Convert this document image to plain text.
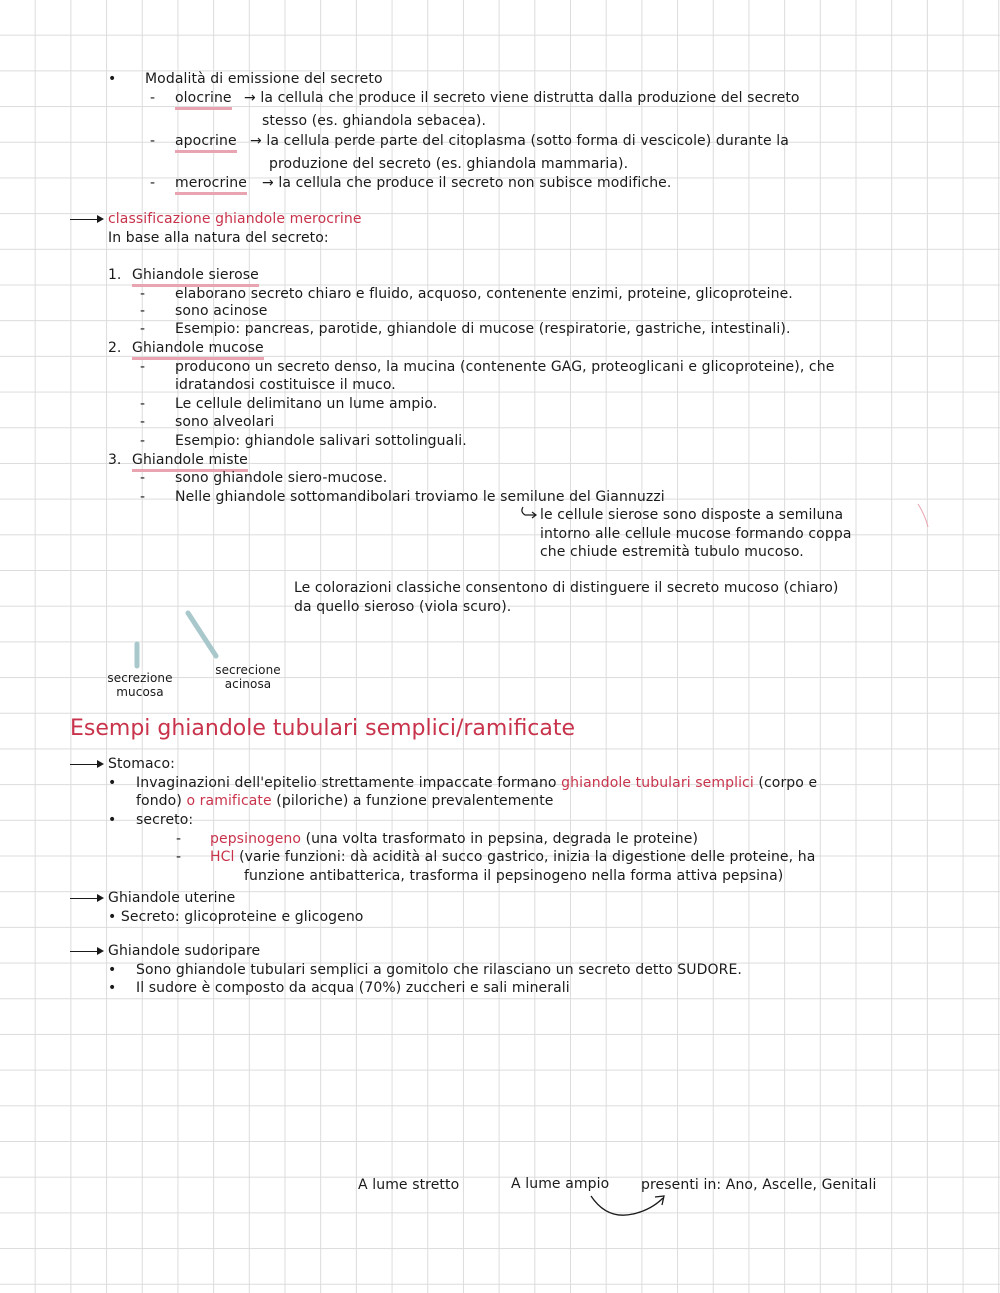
• Modalità di emissione del secreto
- olocrine → la cellula che produce il secreto viene distrutta dalla produzione del secreto
stesso (es. ghiandola sebacea).
- apocrine → la cellula perde parte del citoplasma (sotto forma di vescicole) durante la
produzione del secreto (es. ghiandola mammaria).
- merocrine → la cellula che produce il secreto non subisce modifiche.
classificazione ghiandole merocrine
In base alla natura del secreto:
1. Ghiandole sierose
- elaborano secreto chiaro e fluido, acquoso, contenente enzimi, proteine, glicoproteine.
- sono acinose
- Esempio: pancreas, parotide, ghiandole di mucose (respiratorie, gastriche, intestinali).
2. Ghiandole mucose
- producono un secreto denso, la mucina (contenente GAG, proteoglicani e glicoproteine), che
idratandosi costituisce il muco.
- Le cellule delimitano un lume ampio.
- sono alveolari
- Esempio: ghiandole salivari sottolinguali.
3. Ghiandole miste
- sono ghiandole siero-mucose.
- Nelle ghiandole sottomandibolari troviamo le semilune del Giannuzzi
le cellule sierose sono disposte a semiluna
intorno alle cellule mucose formando coppa
che chiude estremità tubulo mucoso.
Le colorazioni classiche consentono di distinguere il secreto mucoso (chiaro)
da quello sieroso (viola scuro).
secrezione
mucosa
secrecione
acinosa
Esempi ghiandole tubulari semplici/ramificate
Stomaco:
• Invaginazioni dell'epitelio strettamente impaccate formano ghiandole tubulari semplici (corpo e
fondo) o ramificate (piloriche) a funzione prevalentemente
• secreto:
- pepsinogeno (una volta trasformato in pepsina, degrada le proteine)
- HCl (varie funzioni: dà acidità al succo gastrico, inizia la digestione delle proteine, ha
funzione antibatterica, trasforma il pepsinogeno nella forma attiva pepsina)
Ghiandole uterine
• Secreto: glicoproteine e glicogeno
Ghiandole sudoripare
• Sono ghiandole tubulari semplici a gomitolo che rilasciano un secreto detto SUDORE.
• Il sudore è composto da acqua (70%) zuccheri e sali minerali
A lume stretto	A lume ampio presenti in: Ano, Ascelle, Genitali
